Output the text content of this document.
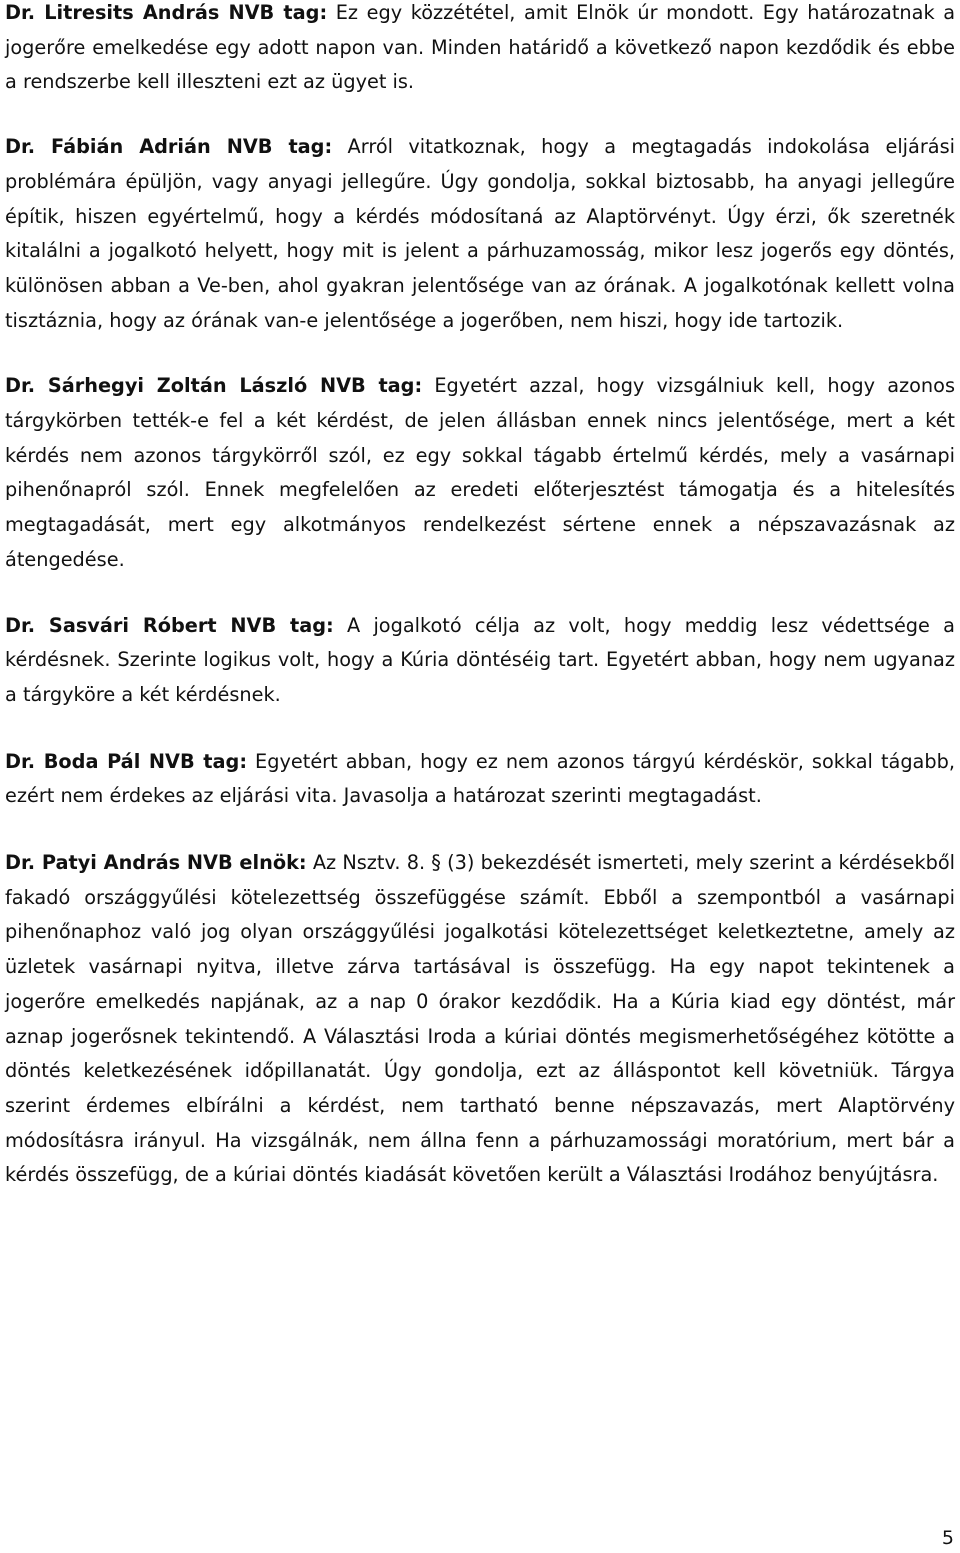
Dr. Litresits András NVB tag: Ez egy közzététel, amit Elnök úr mondott. Egy határozatnak a jogerőre emelkedése egy adott napon van. Minden határidő a következő napon kezdődik és ebbe a rendszerbe kell illeszteni ezt az ügyet is.

Dr. Fábián Adrián NVB tag: Arról vitatkoznak, hogy a megtagadás indokolása eljárási problémára épüljön, vagy anyagi jellegűre. Úgy gondolja, sokkal biztosabb, ha anyagi jellegűre építik, hiszen egyértelmű, hogy a kérdés módosítaná az Alaptörvényt. Úgy érzi, ők szeretnék kitalálni a jogalkotó helyett, hogy mit is jelent a párhuzamosság, mikor lesz jogerős egy döntés, különösen abban a Ve-ben, ahol gyakran jelentősége van az órának. A jogalkotónak kellett volna tisztáznia, hogy az órának van-e jelentősége a jogerőben, nem hiszi, hogy ide tartozik.

Dr. Sárhegyi Zoltán László NVB tag: Egyetért azzal, hogy vizsgálniuk kell, hogy azonos tárgykörben tették-e fel a két kérdést, de jelen állásban ennek nincs jelentősége, mert a két kérdés nem azonos tárgykörről szól, ez egy sokkal tágabb értelmű kérdés, mely a vasárnapi pihenőnapról szól. Ennek megfelelően az eredeti előterjesztést támogatja és a hitelesítés megtagadását, mert egy alkotmányos rendelkezést sértene ennek a népszavazásnak az átengedése.

Dr. Sasvári Róbert NVB tag: A jogalkotó célja az volt, hogy meddig lesz védettsége a kérdésnek. Szerinte logikus volt, hogy a Kúria döntéséig tart. Egyetért abban, hogy nem ugyanaz a tárgyköre a két kérdésnek.

Dr. Boda Pál NVB tag: Egyetért abban, hogy ez nem azonos tárgyú kérdéskör, sokkal tágabb, ezért nem érdekes az eljárási vita. Javasolja a határozat szerinti megtagadást.

Dr. Patyi András NVB elnök: Az Nsztv. 8. § (3) bekezdését ismerteti, mely szerint a kérdésekből fakadó országgyűlési kötelezettség összefüggése számít. Ebből a szempontból a vasárnapi pihenőnaphoz való jog olyan országgyűlési jogalkotási kötelezettséget keletkeztetne, amely az üzletek vasárnapi nyitva, illetve zárva tartásával is összefügg. Ha egy napot tekintenek a jogerőre emelkedés napjának, az a nap 0 órakor kezdődik. Ha a Kúria kiad egy döntést, már aznap jogerősnek tekintendő. A Választási Iroda a kúriai döntés megismerhetőségéhez kötötte a döntés keletkezésének időpillanatát. Úgy gondolja, ezt az álláspontot kell követniük. Tárgya szerint érdemes elbírálni a kérdést, nem tartható benne népszavazás, mert Alaptörvény módosításra irányul. Ha vizsgálnák, nem állna fenn a párhuzamossági moratórium, mert bár a kérdés összefügg, de a kúriai döntés kiadását követően került a Választási Irodához benyújtásra.

5
